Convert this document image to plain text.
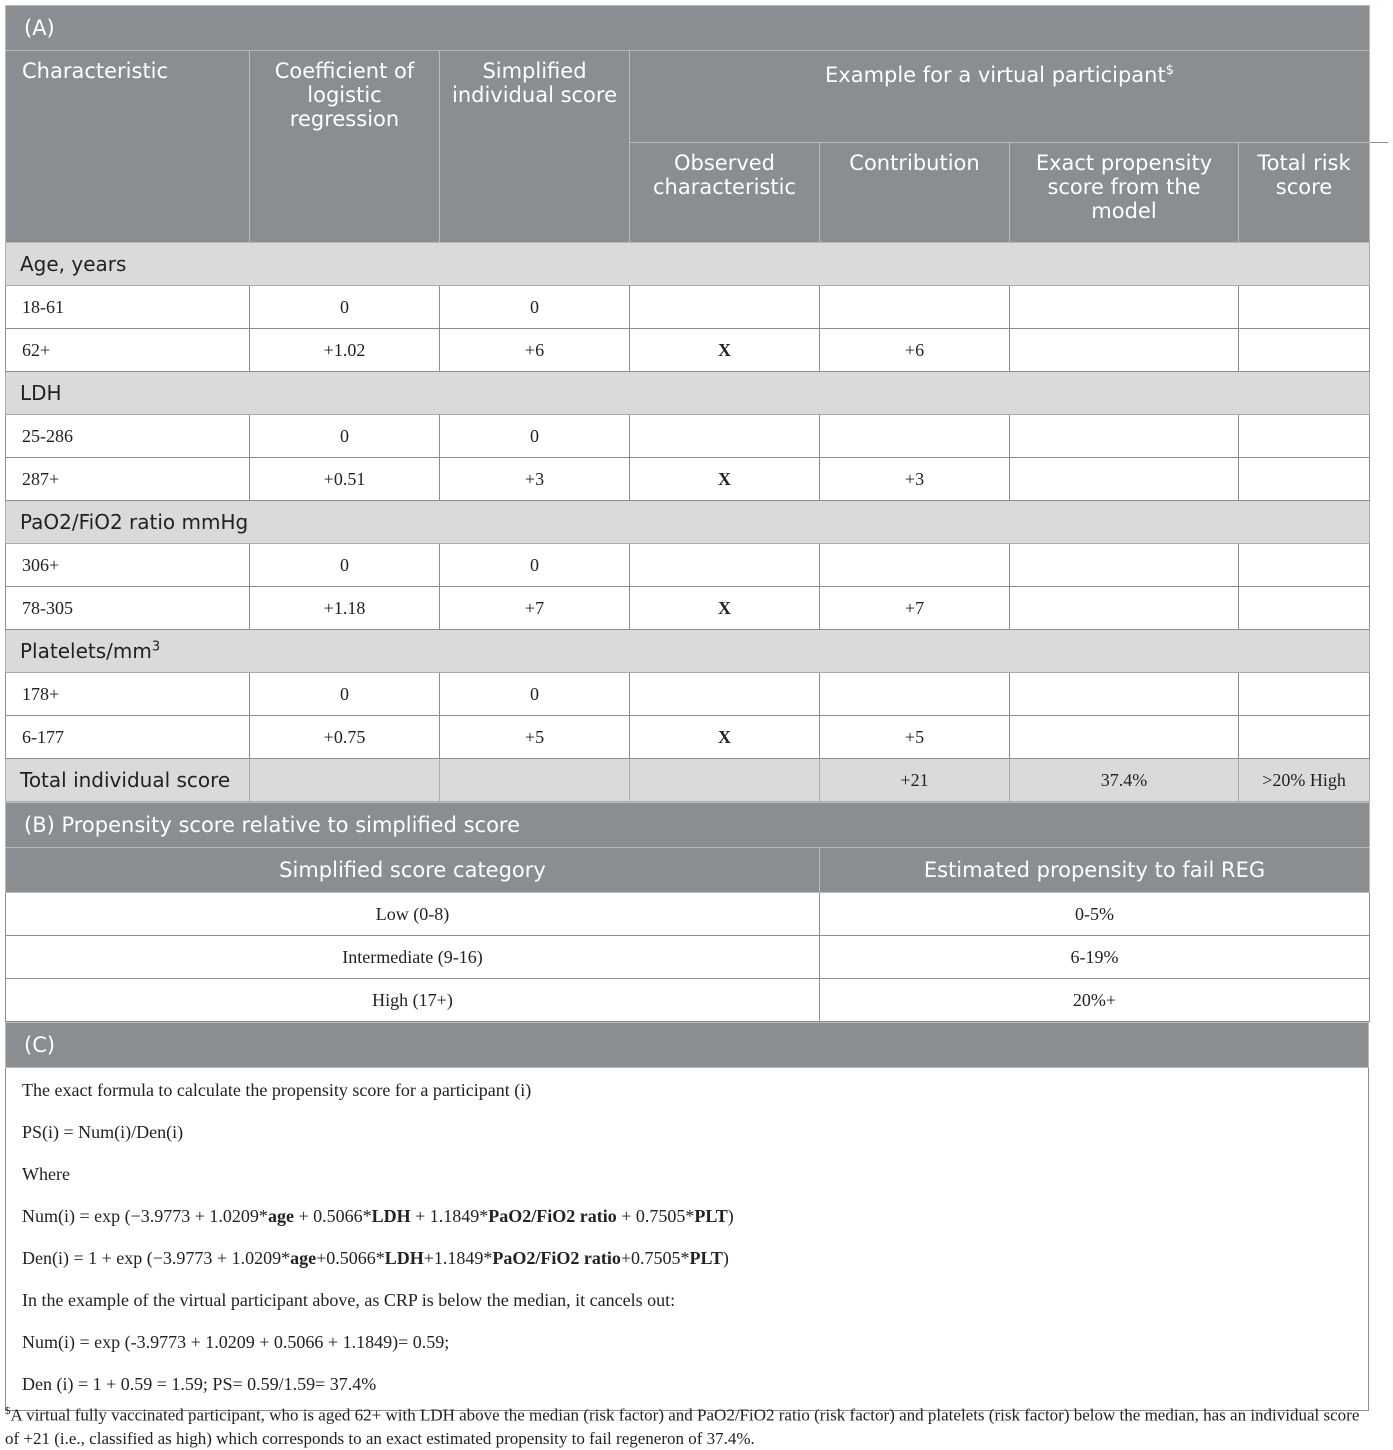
(A)						
Characteristic	Coefficient of logistic regression	Simplified individual score	Example for a virtual participant$
			Observed characteristic	Contribution	Exact propensity score from the model	Total risk score
Age, years						
18-61	0	0				
62+	+1.02	+6	X	+6		
LDH						
25-286	0	0				
287+	+0.51	+3	X	+3		
PaO2/FiO2 ratio mmHg						
306+	0	0				
78-305	+1.18	+7	X	+7		
Platelets/$mm^3$
178+	0	0				
6-177	+0.75	+5	X	+5		
Total individual score				+21	37.4%	>20% High
(B) Propensity score relative to simplified score	
Simplified score category	Estimated propensity to fail REG
Low (0-8)	0-5%
Intermediate (9-16)	6-19%
High (17+)	20%+
(C)

The exact formula to calculate the propensity score for a participant (i)

PS(i) = Num(i)/Den(i)

Where

Num(i) = exp (−3.9773 + 1.0209*age + 0.5066*LDH + 1.1849*PaO2/FiO2 ratio + 0.7505*PLT)

Den(i) = 1 + exp (−3.9773 + 1.0209*age+0.5066*LDH+1.1849*PaO2/FiO2 ratio+0.7505*PLT)

In the example of the virtual participant above, as CRP is below the median, it cancels out:

Num(i) = exp (-3.9773 + 1.0209 + 0.5066 + 1.1849)= 0.59;

Den (i) = 1 + 0.59 = 1.59; PS= 0.59/1.59= 37.4%

$A virtual fully vaccinated participant, who is aged 62+ with LDH above the median (risk factor) and PaO2/FiO2 ratio (risk factor) and platelets (risk factor) below the median, has an individual score of +21 (i.e., classified as high) which corresponds to an exact estimated propensity to fail regeneron of 37.4%.
